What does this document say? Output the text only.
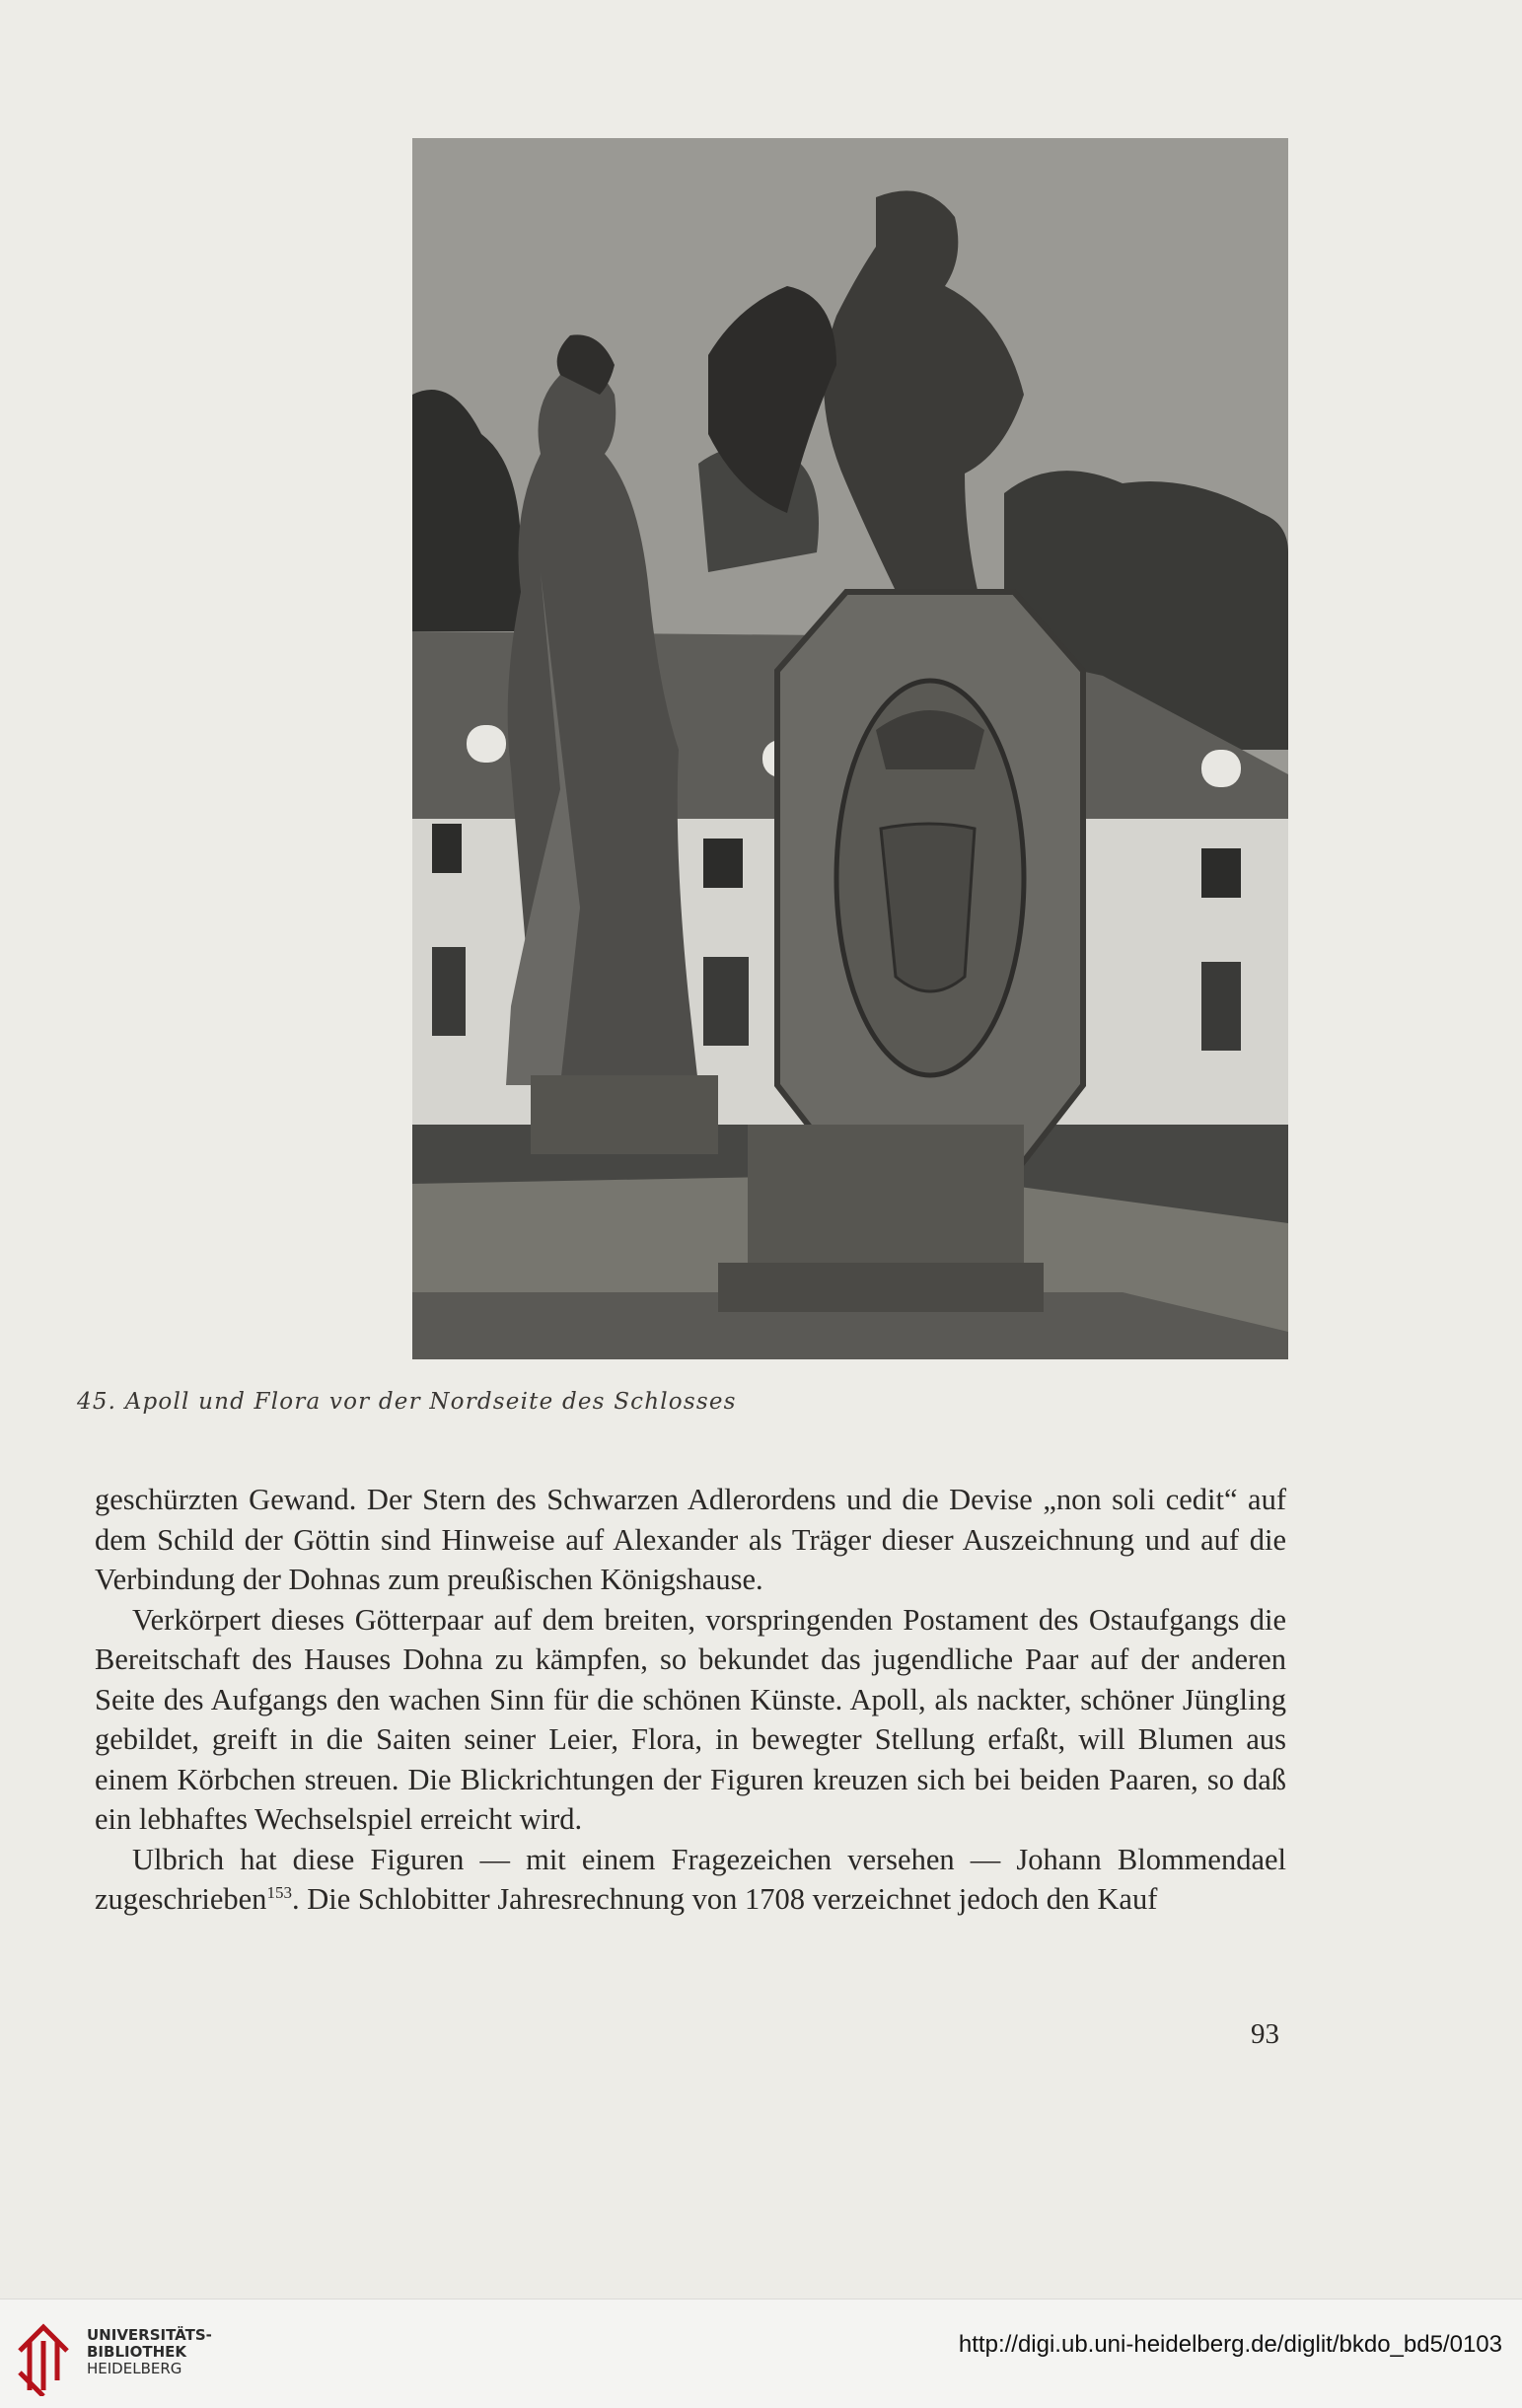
45. Apoll und Flora vor der Nordseite des Schlosses

geschürzten Gewand. Der Stern des Schwarzen Adlerordens und die Devise „non soli cedit“ auf dem Schild der Göttin sind Hinweise auf Alexander als Träger dieser Auszeichnung und auf die Verbindung der Dohnas zum preußischen Königshause.

Verkörpert dieses Götterpaar auf dem breiten, vorspringenden Postament des Ostaufgangs die Bereitschaft des Hauses Dohna zu kämpfen, so bekundet das jugendliche Paar auf der anderen Seite des Aufgangs den wachen Sinn für die schönen Künste. Apoll, als nackter, schöner Jüngling gebildet, greift in die Saiten seiner Leier, Flora, in bewegter Stellung erfaßt, will Blumen aus einem Körbchen streuen. Die Blickrichtungen der Figuren kreuzen sich bei beiden Paaren, so daß ein lebhaftes Wechselspiel erreicht wird.

Ulbrich hat diese Figuren — mit einem Fragezeichen versehen — Johann Blommendael zugeschrieben$^{153}$. Die Schlobitter Jahresrechnung von 1708 verzeichnet jedoch den Kauf

93
UNIVERSITÄTS-
BIBLIOTHEK
HEIDELBERG
http://digi.ub.uni-heidelberg.de/diglit/bkdo_bd5/0103
